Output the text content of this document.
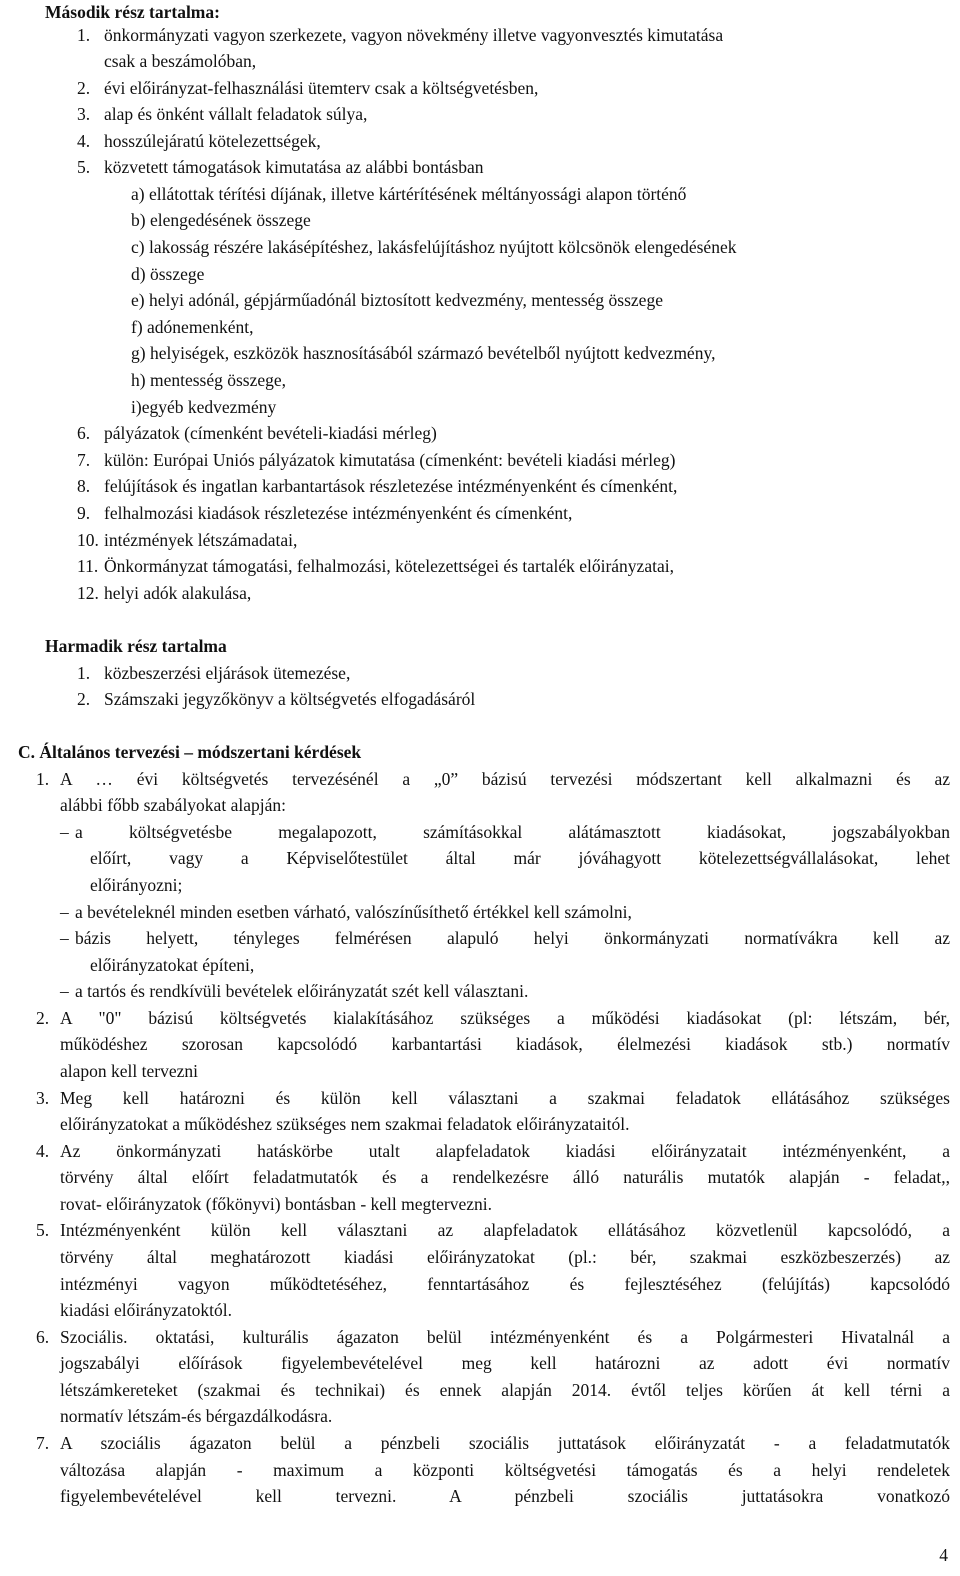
Második rész tartalma:
1. önkormányzati vagyon szerkezete, vagyon növekmény illetve vagyonvesztés kimutatása
csak a beszámolóban,
2. évi előirányzat-felhasználási ütemterv csak a költségvetésben,
3. alap és önként vállalt feladatok súlya,
4. hosszúlejáratú kötelezettségek,
5. közvetett támogatások kimutatása az alábbi bontásban
a) ellátottak térítési díjának, illetve kártérítésének méltányossági alapon történő
b) elengedésének összege
c) lakosság részére lakásépítéshez, lakásfelújításhoz nyújtott kölcsönök elengedésének
d) összege
e) helyi adónál, gépjárműadónál biztosított kedvezmény, mentesség összege
f) adónemenként,
g) helyiségek, eszközök hasznosításából származó bevételből nyújtott kedvezmény,
h) mentesség összege,
i)egyéb kedvezmény
6. pályázatok (címenként bevételi-kiadási mérleg)
7. külön: Európai Uniós pályázatok kimutatása (címenként: bevételi kiadási mérleg)
8. felújítások és ingatlan karbantartások részletezése intézményenként és címenként,
9. felhalmozási kiadások részletezése intézményenként és címenként,
10. intézmények létszámadatai,
11. Önkormányzat támogatási, felhalmozási, kötelezettségei és tartalék előirányzatai,
12. helyi adók alakulása,
Harmadik rész tartalma
1. közbeszerzési eljárások ütemezése,
2. Számszaki jegyzőkönyv a költségvetés elfogadásáról
C. Általános tervezési – módszertani kérdések
1. A … évi költségvetés tervezésénél a „0” bázisú tervezési módszertant kell alkalmazni és az
alábbi főbb szabályokat alapján:
– a költségvetésbe megalapozott, számításokkal alátámasztott kiadásokat, jogszabályokban
előírt, vagy a Képviselőtestület által már jóváhagyott kötelezettségvállalásokat, lehet
előirányozni;
– a bevételeknél minden esetben várható, valószínűsíthető értékkel kell számolni,
– bázis helyett, tényleges felmérésen alapuló helyi önkormányzati normatívákra kell az
előirányzatokat építeni,
– a tartós és rendkívüli bevételek előirányzatát szét kell választani.
2. A "0" bázisú költségvetés kialakításához szükséges a működési kiadásokat (pl: létszám, bér,
működéshez szorosan kapcsolódó karbantartási kiadások, élelmezési kiadások stb.) normatív
alapon kell tervezni
3. Meg kell határozni és külön kell választani a szakmai feladatok ellátásához szükséges
előirányzatokat a működéshez szükséges nem szakmai feladatok előirányzataitól.
4. Az önkormányzati hatáskörbe utalt alapfeladatok kiadási előirányzatait intézményenként, a
törvény által előírt feladatmutatók és a rendelkezésre álló naturális mutatók alapján - feladat,,
rovat- előirányzatok (főkönyvi) bontásban - kell megtervezni.
5. Intézményenként külön kell választani az alapfeladatok ellátásához közvetlenül kapcsolódó, a
törvény által meghatározott kiadási előirányzatokat (pl.: bér, szakmai eszközbeszerzés) az
intézményi vagyon működtetéséhez, fenntartásához és fejlesztéséhez (felújítás) kapcsolódó
kiadási előirányzatoktól.
6. Szociális. oktatási, kulturális ágazaton belül intézményenként és a Polgármesteri Hivatalnál a
jogszabályi előírások figyelembevételével meg kell határozni az adott évi normatív
létszámkereteket (szakmai és technikai) és ennek alapján 2014. évtől teljes körűen át kell térni a
normatív létszám-és bérgazdálkodásra.
7. A szociális ágazaton belül a pénzbeli szociális juttatások előirányzatát - a feladatmutatók
változása alapján - maximum a központi költségvetési támogatás és a helyi rendeletek
figyelembevételével kell tervezni. A pénzbeli szociális juttatásokra vonatkozó
4
